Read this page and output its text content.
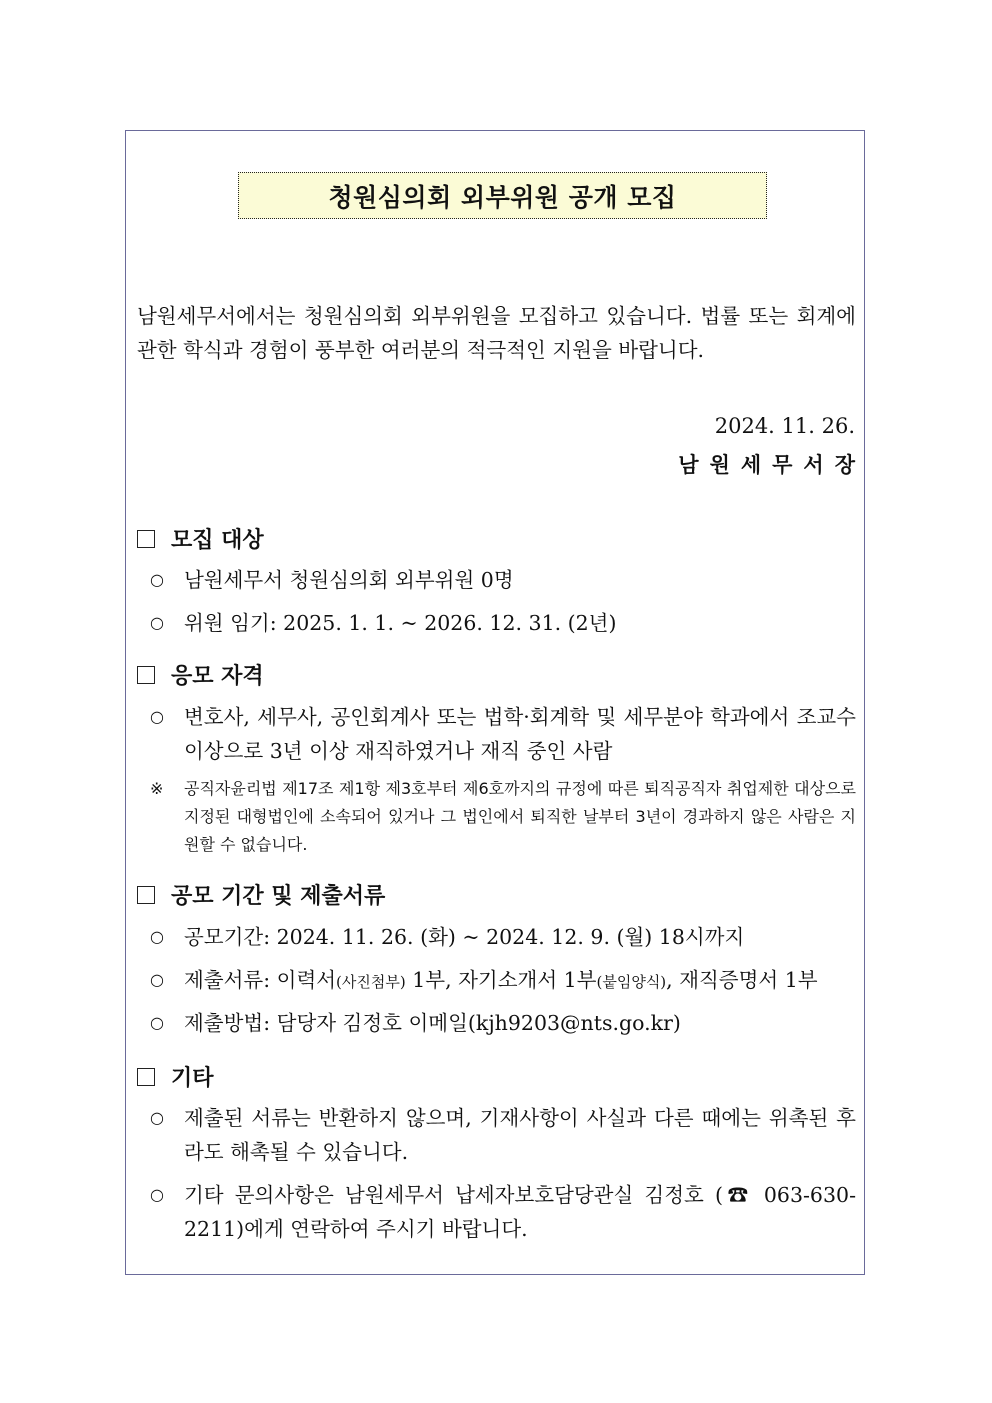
청원심의회 외부위원 공개 모집

남원세무서에서는 청원심의회 외부위원을 모집하고 있습니다. 법률 또는 회계에 관한 학식과 경험이 풍부한 여러분의 적극적인 지원을 바랍니다.

2024. 11. 26.
남원세무서장
모집 대상
○ 남원세무서 청원심의회 외부위원 0명
○ 위원 임기: 2025. 1. 1. ~ 2026. 12. 31. (2년)
응모 자격
○ 변호사, 세무사, 공인회계사 또는 법학·회계학 및 세무분야 학과에서 조교수 이상으로 3년 이상 재직하였거나 재직 중인 사람
※	공직자윤리법 제17조 제1항 제3호부터 제6호까지의 규정에 따른 퇴직공직자 취업제한 대상으로 지정된 대형법인에 소속되어 있거나 그 법인에서 퇴직한 날부터 3년이 경과하지 않은 사람은 지원할 수 없습니다.
공모 기간 및 제출서류
○ 공모기간: 2024. 11. 26. (화) ~ 2024. 12. 9. (월) 18시까지
○ 제출서류: 이력서(사진첨부) 1부, 자기소개서 1부(붙임양식), 재직증명서 1부
○ 제출방법: 담당자 김정호 이메일(kjh9203@nts.go.kr)
기타
○ 제출된 서류는 반환하지 않으며, 기재사항이 사실과 다른 때에는 위촉된 후라도 해촉될 수 있습니다.
○ 기타 문의사항은 남원세무서 납세자보호담당관실 김정호 (☎ 063-630-2211)에게 연락하여 주시기 바랍니다.
